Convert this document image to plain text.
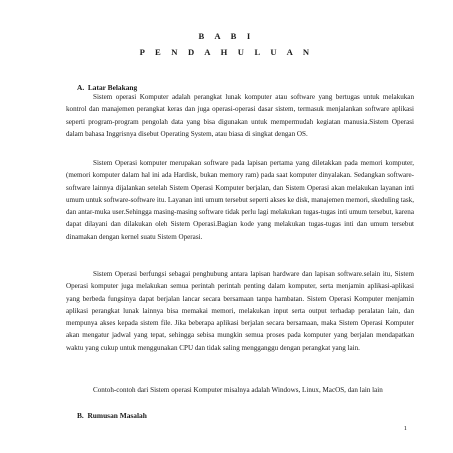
B A B I
P E N D A H U L U A N
A.  Latar Belakang

Sistem operasi Komputer adalah perangkat lunak komputer atau software yang bertugas untuk melakukan kontrol dan manajemen perangkat keras dan juga operasi-operasi dasar sistem, termasuk menjalankan software aplikasi seperti program-program pengolah data yang bisa digunakan untuk mempermudah kegiatan manusia.Sistem Operasi dalam bahasa Inggrisnya disebut Operating System, atau biasa di singkat dengan OS.

Sistem Operasi komputer merupakan software pada lapisan pertama yang diletakkan pada memori komputer, (memori komputer dalam hal ini ada Hardisk, bukan memory ram) pada saat komputer dinyalakan. Sedangkan software-software lainnya dijalankan setelah Sistem Operasi Komputer berjalan, dan Sistem Operasi akan melakukan layanan inti umum untuk software-software itu. Layanan inti umum tersebut seperti akses ke disk, manajemen memori, skeduling task, dan antar-muka user.Sehingga masing-masing software tidak perlu lagi melakukan tugas-tugas inti umum tersebut, karena dapat dilayani dan dilakukan oleh Sistem Operasi.Bagian kode yang melakukan tugas-tugas inti dan umum tersebut dinamakan dengan kernel suatu Sistem Operasi.

Sistem Operasi berfungsi sebagai penghubung antara lapisan hardware dan lapisan software.selain itu, Sistem Operasi komputer juga melakukan semua perintah perintah penting dalam komputer, serta menjamin aplikasi-aplikasi yang berbeda fungsinya dapat berjalan lancar secara bersamaan tanpa hambatan. Sistem Operasi Komputer menjamin aplikasi perangkat lunak lainnya bisa memakai memori, melakukan input serta output terhadap peralatan lain, dan mempunya akses kepada sistem file. Jika beberapa aplikasi berjalan secara bersamaan, maka Sistem Operasi Komputer akan mengatur jadwal yang tepat, sehingga sebisa mungkin semua proses pada komputer yang berjalan mendapatkan waktu yang cukup untuk menggunakan CPU dan tidak saling mengganggu dengan perangkat yang lain.

Contoh-contoh dari Sistem operasi Komputer misalnya adalah Windows, Linux, MacOS, dan lain lain

B.  Rumusan Masalah
1
